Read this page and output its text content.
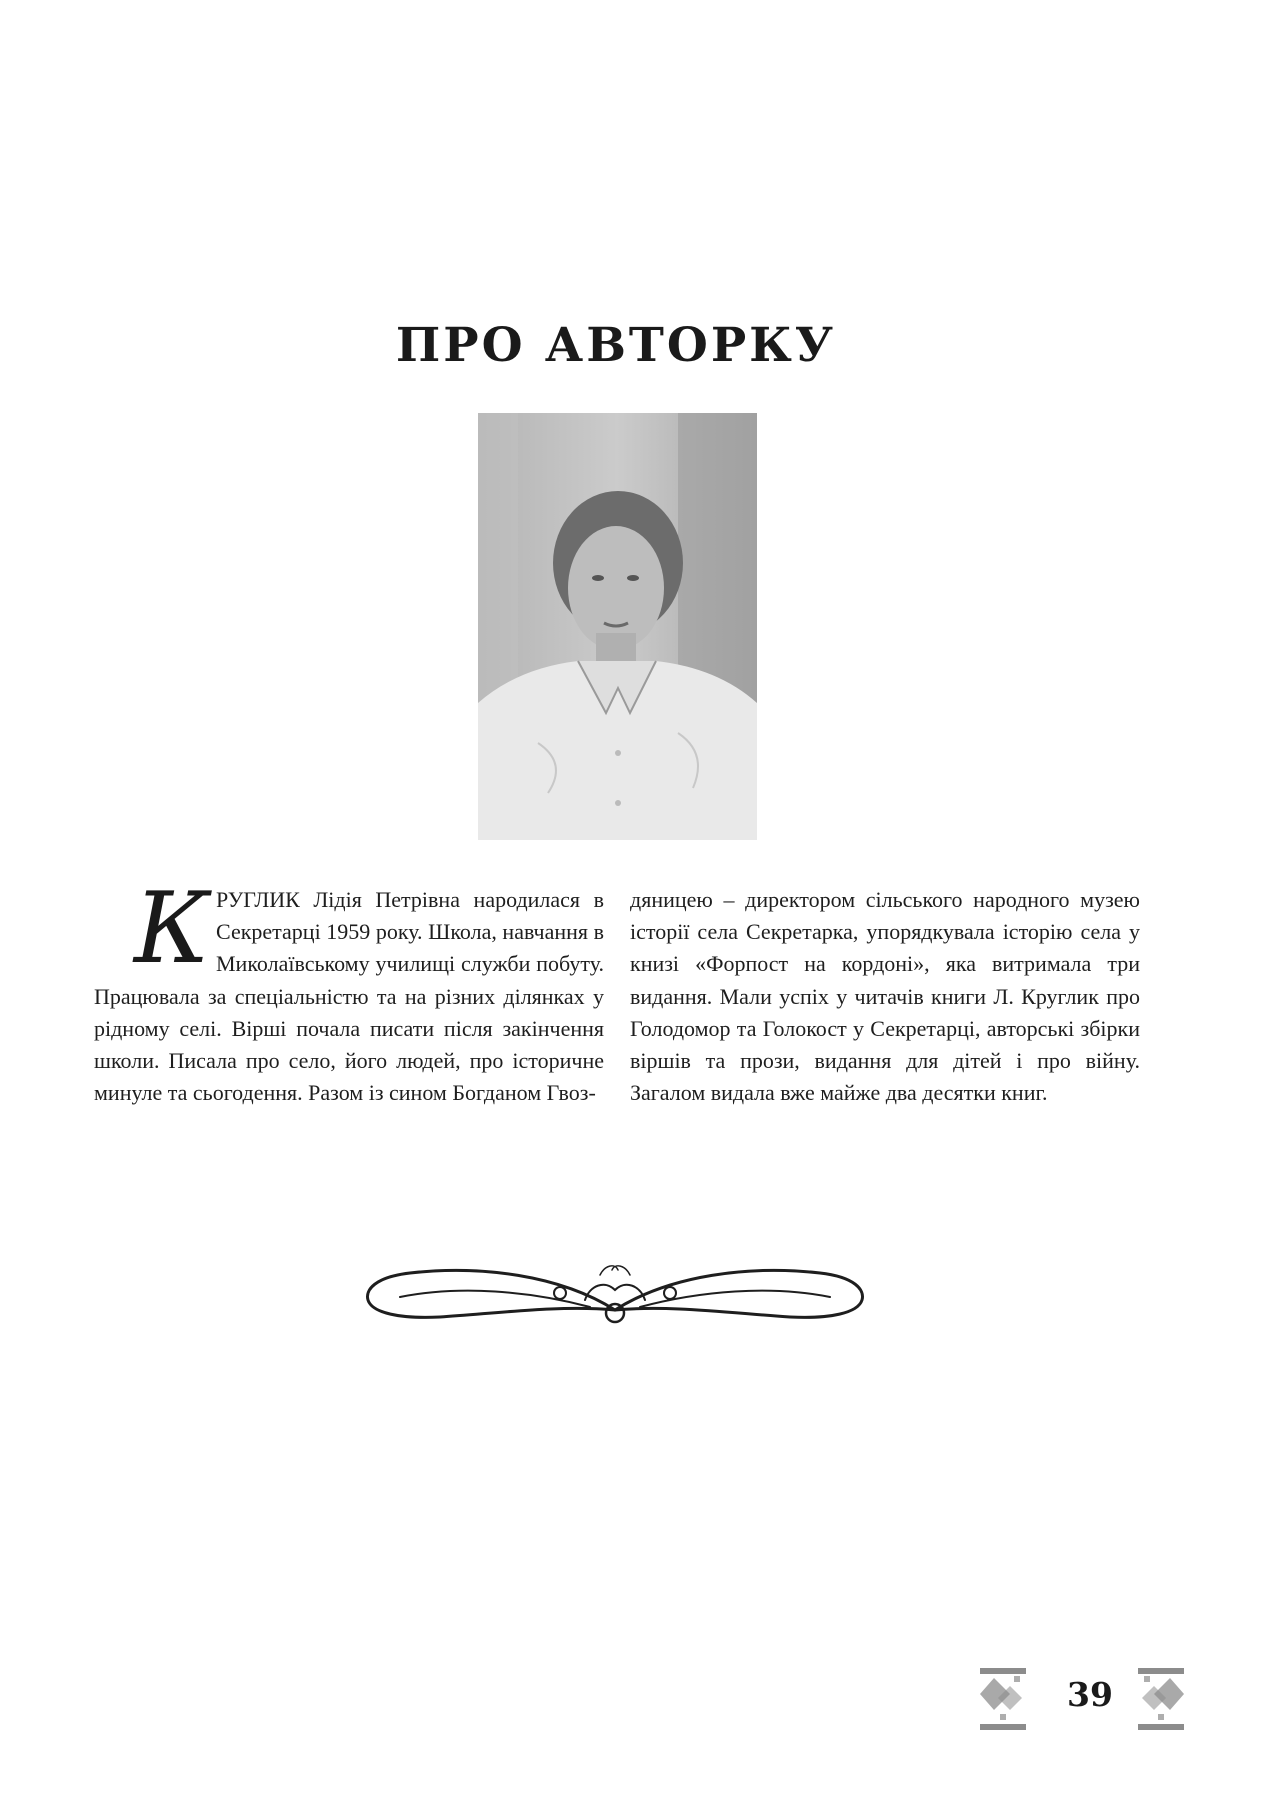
ПРО АВТОРКУ
К РУГЛИК Лідія Петрівна народилася в Секретарці 1959 року. Школа, навчання в Миколаївському училищі служби побуту. Працювала за спеціальністю та на різних ділянках у рідному селі. Вірші почала писати після закінчення школи. Писала про село, його людей, про історичне минуле та сьогодення. Разом із сином Богданом Гвоз-
дяницею – директором сільського народного музею історії села Секретарка, упорядкувала історію села у книзі «Форпост на кордоні», яка витримала три видання. Мали успіх у читачів книги Л. Круглик про Голодомор та Голокост у Секретарці, авторські збірки віршів та прози, видання для дітей і про війну. Загалом видала вже майже два десятки книг.
39
